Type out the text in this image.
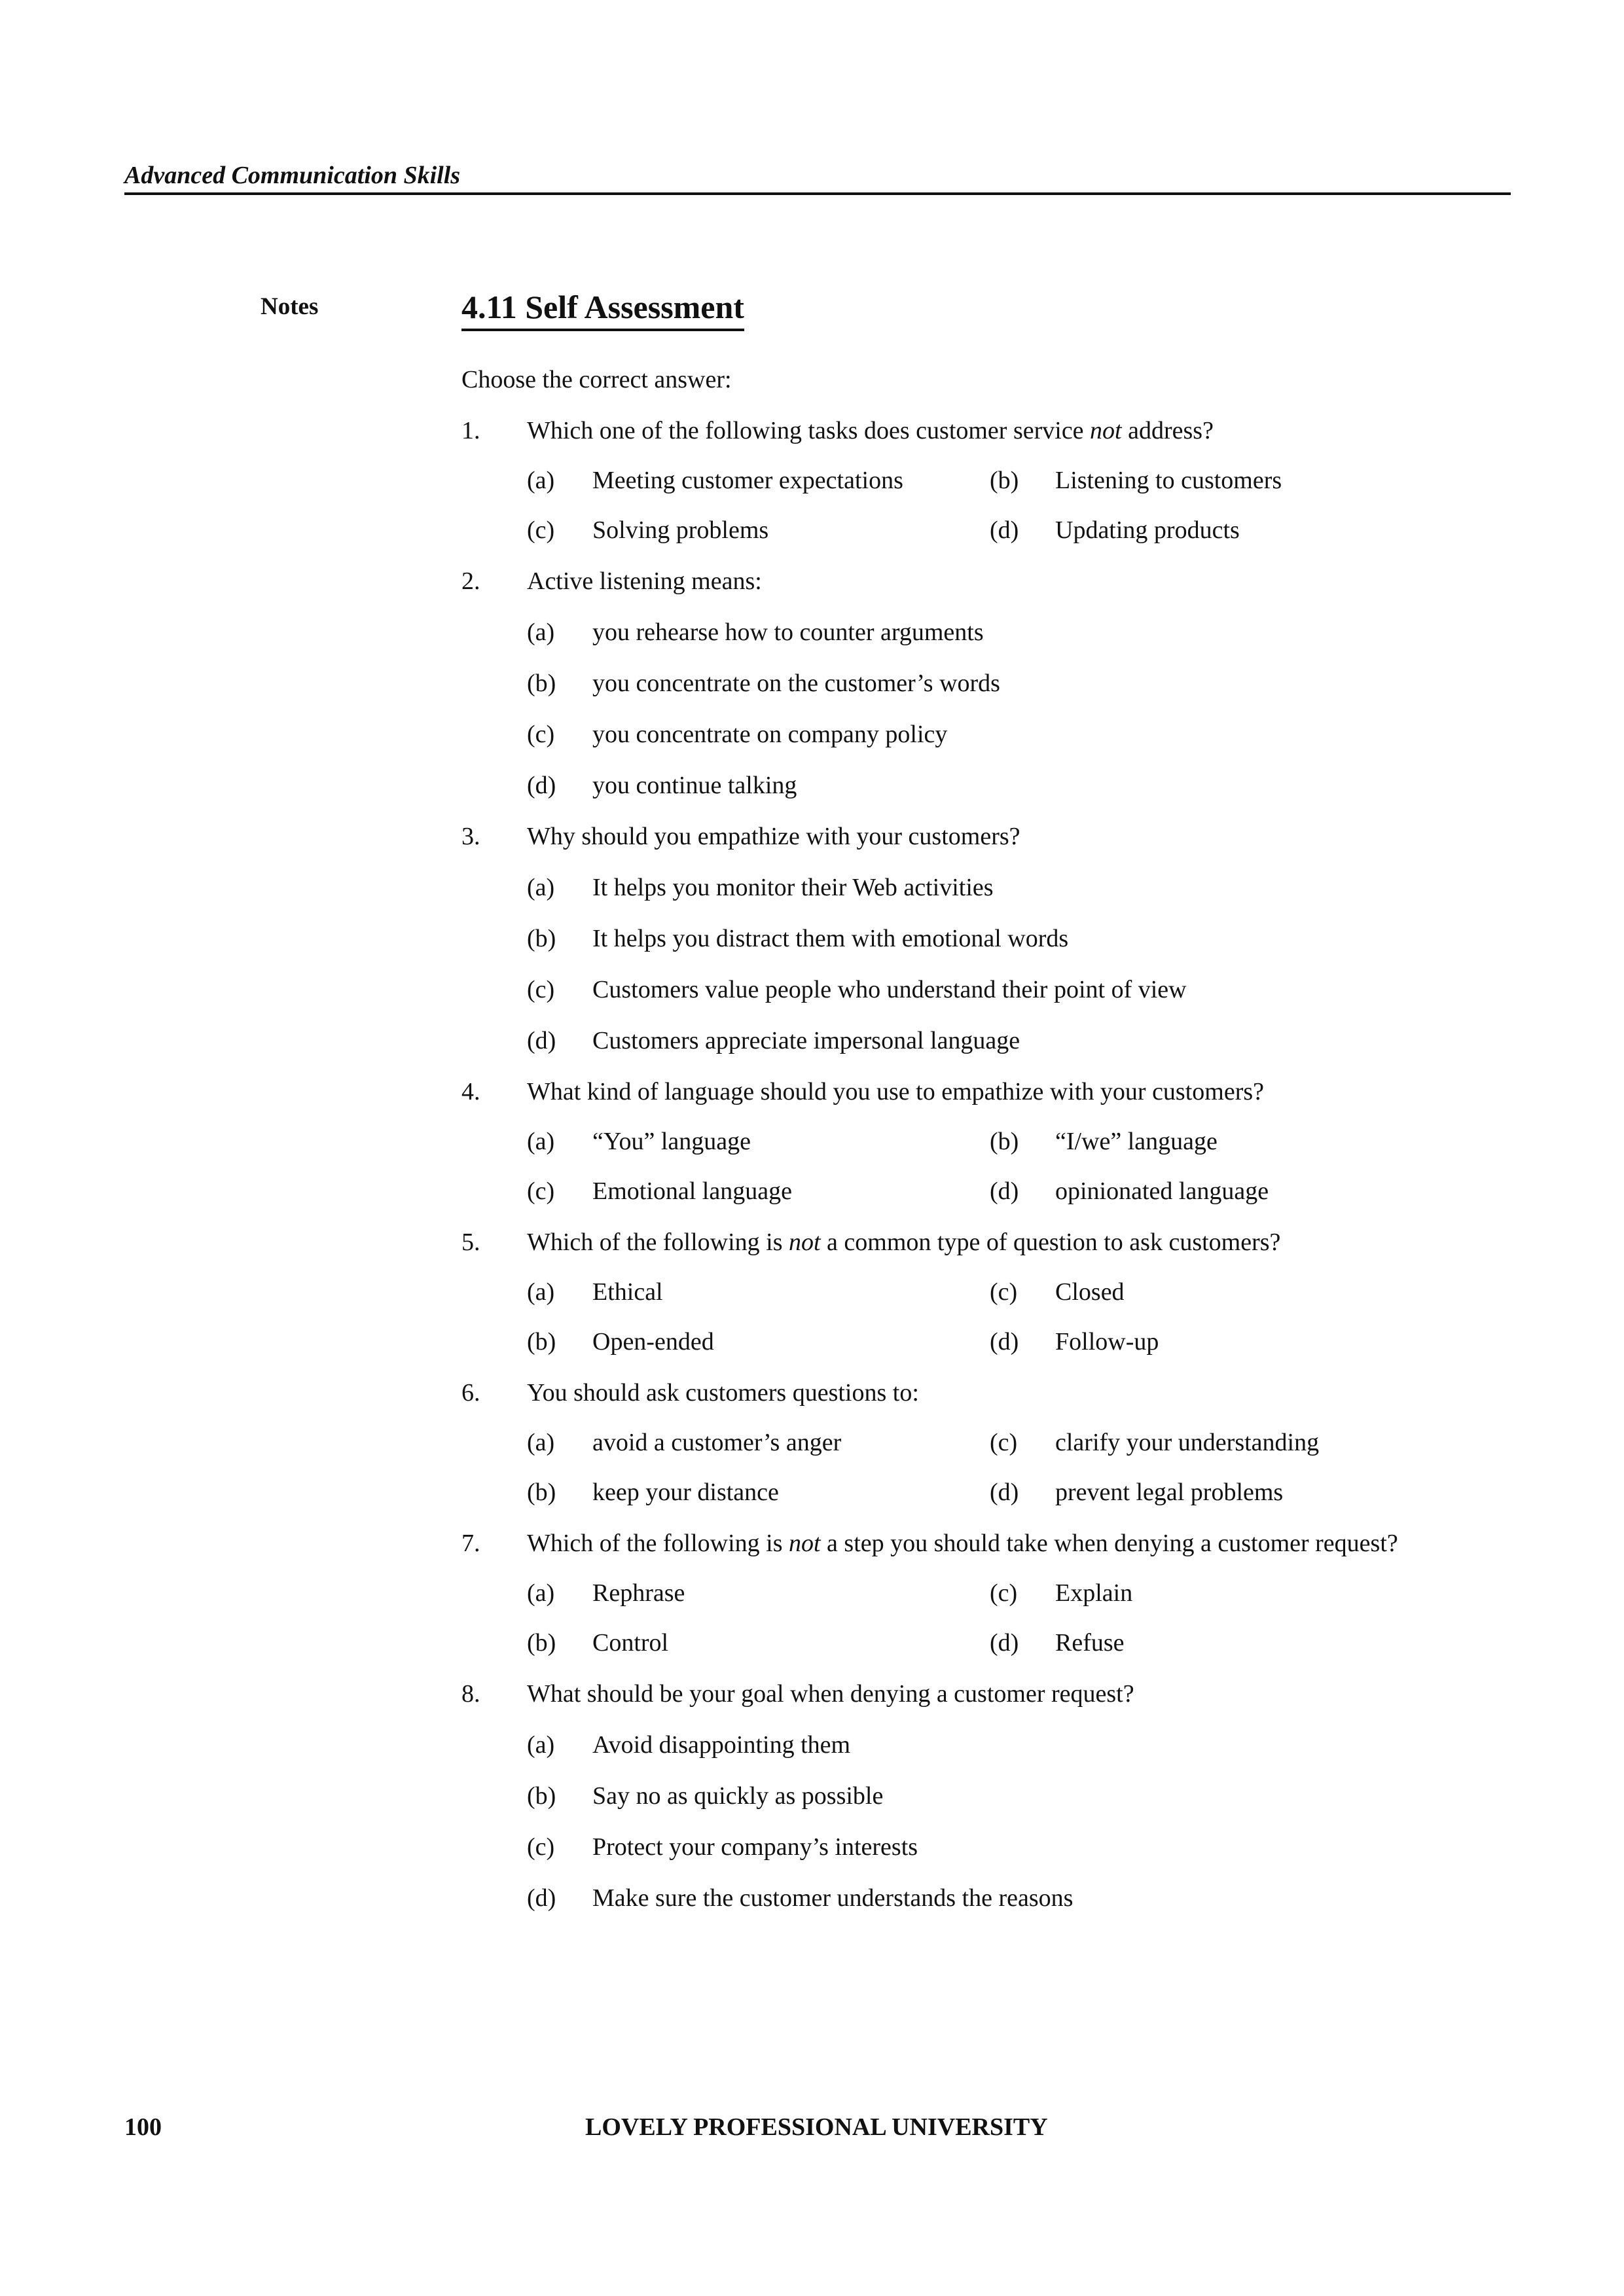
Advanced Communication Skills
Notes	4.11 Self Assessment
Choose the correct answer:
1.	Which one of the following tasks does customer service not address?
(a)	Meeting customer expectations	(b)	Listening to customers
(c)	Solving problems	(d)	Updating products
2.	Active listening means:
(a)	you rehearse how to counter arguments
(b)	you concentrate on the customer’s words
(c)	you concentrate on company policy
(d)	you continue talking
3.	Why should you empathize with your customers?
(a)	It helps you monitor their Web activities
(b)	It helps you distract them with emotional words
(c)	Customers value people who understand their point of view
(d)	Customers appreciate impersonal language
4.	What kind of language should you use to empathize with your customers?
(a)	“You” language	(b)	“I/we” language
(c)	Emotional language	(d)	opinionated language
5.	Which of the following is not a common type of question to ask customers?
(a)	Ethical	(c)	Closed
(b)	Open-ended	(d)	Follow-up
6.	You should ask customers questions to:
(a)	avoid a customer’s anger	(c)	clarify your understanding
(b)	keep your distance	(d)	prevent legal problems
7.	Which of the following is not a step you should take when denying a customer request?
(a)	Rephrase	(c)	Explain
(b)	Control	(d)	Refuse
8.	What should be your goal when denying a customer request?
(a)	Avoid disappointing them
(b)	Say no as quickly as possible
(c)	Protect your company’s interests
(d)	Make sure the customer understands the reasons
100	LOVELY PROFESSIONAL UNIVERSITY
